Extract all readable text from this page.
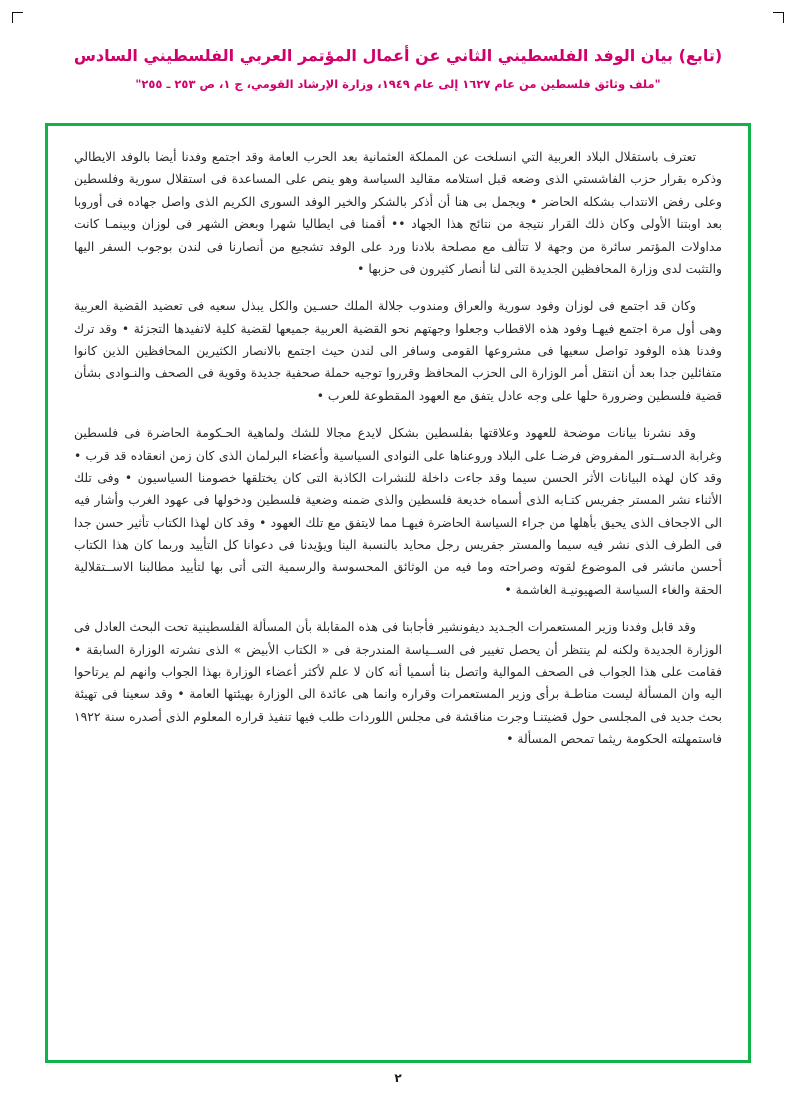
(تابع) بيان الوفد الفلسطيني الثاني عن أعمال المؤتمر العربي الفلسطيني السادس
"ملف وثائق فلسطين من عام ١٦٢٧ إلى عام ١٩٤٩، وزارة الإرشاد القومي، ج ١، ص ٢٥٣ ـ ٢٥٥"

تعترف باستقلال البلاد العربية التي انسلخت عن المملكة العثمانية بعد الحرب العامة وقد اجتمع وفدنا أيضا بالوفد الايطالي وذكره بقرار حزب الفاشستي الذى وضعه قبل استلامه مقاليد السياسة وهو ينص على المساعدة فى استقلال سورية وفلسطين وعلى رفض الانتداب بشكله الحاضر • ويجمل بى هنا أن أذكر بالشكر والخير الوفد السورى الكريم الذى واصل جهاده فى أوروبا بعد اوبتنا الأولى وكان ذلك القرار نتيجة من نتائج هذا الجهاد •• أقمنا فى ايطاليا شهرا وبعض الشهر فى لوزان وبينمـا كانت مداولات المؤتمر سائرة من وجهة لا تتألف مع مصلحة بلادنا ورد على الوفد تشجيع من أنصارنا فى لندن بوجوب السفر اليها والتثبت لدى وزارة المحافظين الجديدة التى لنا أنصار كثيرون فى حزبها •

وكان قد اجتمع فى لوزان وفود سورية والعراق ومندوب جلالة الملك حسـين والكل يبذل سعيه فى تعضيد القضية العربية وهى أول مرة اجتمع فيهـا وفود هذه الاقطاب وجعلوا وجهتهم نحو القضية العربية جميعها لقضية كلية لاتفيدها التجزئة • وقد ترك وفدنا هذه الوفود تواصل سعيها فى مشروعها القومى وسافر الى لندن حيث اجتمع بالانصار الكثيرين المحافظين الذين كانوا متفائلين جدا بعد أن انتقل أمر الوزارة الى الحزب المحافظ وقرروا توجيه حملة صحفية جديدة وقوية فى الصحف والنـوادى بشأن قضية فلسطين وضرورة حلها على وجه عادل يتفق مع العهود المقطوعة للعرب •

وقد نشرنا بيانات موضحة للعهود وعلاقتها بفلسطين بشكل لايدع مجالا للشك ولماهية الحـكومة الحاضرة فى فلسطين وغرابة الدســتور المفروض فرضـا على البلاد وروعناها على النوادى السياسية وأعضاء البرلمان الذى كان زمن انعقاده قد قرب • وقد كان لهذه البيانات الأثر الحسن سيما وقد جاءت داخلة للنشرات الكاذبة التى كان يختلقها خصومنا السياسيون • وفى تلك الأثناء نشر المستر جفريس كتـابه الذى أسماه خديعة فلسطين والذى ضمنه وضعية فلسطين ودخولها فى عهود الغرب وأشار فيه الى الاجحاف الذى يحيق بأهلها من جراء السياسة الحاضرة فيهـا مما لايتفق مع تلك العهود • وقد كان لهذا الكتاب تأثير حسن جدا فى الطرف الذى نشر فيه سيما والمستر جفريس رجل محايد بالنسبة الينا ويؤيدنا فى دعوانا كل التأييد وربما كان هذا الكتاب أحسن مانشر فى الموضوع لقوته وصراحته وما فيه من الوثائق المحسوسة والرسمية التى أتى بها لتأييد مطالبنا الاســتقلالية الحقة والغاء السياسة الصهيونيـة الغاشمة •

وقد قابل وفدنا وزير المستعمرات الجـديد ديفونشير فأجابنا فى هذه المقابلة بأن المسألة الفلسطينية تحت البحث العادل فى الوزارة الجديدة ولكنه لم ينتظر أن يحصل تغيير فى الســياسة المندرجة فى « الكتاب الأبيض » الذى نشرته الوزارة السابقة • فقامت على هذا الجواب فى الصحف الموالية واتصل بنا أسميا أنه كان لا علم لأكثر أعضاء الوزارة بهذا الجواب وانهم لم يرتاحوا اليه وان المسألة ليست مناطـة برأى وزير المستعمرات وقراره وانما هى عائدة الى الوزارة بهيئتها العامة • وقد سعينا فى تهيئة بحث جديد فى المجلسى حول قضيتنـا وجرت مناقشة فى مجلس اللوردات طلب فيها تنفيذ قراره المعلوم الذى أصدره سنة ١٩٢٢ فاستمهلته الحكومة ريثما تمحص المسألة •

٢
